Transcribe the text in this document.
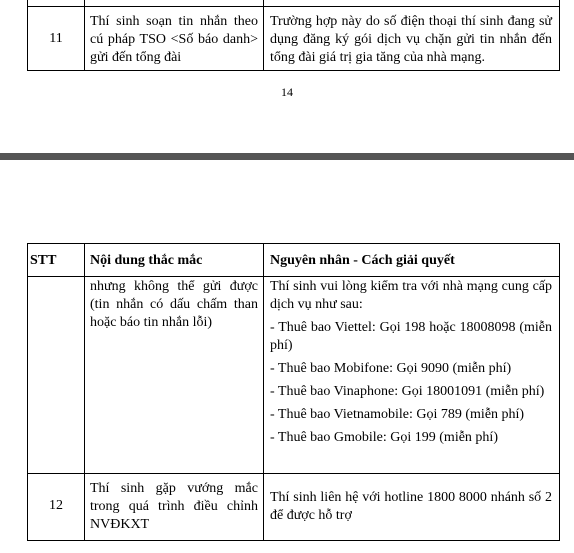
11
Thí sinh soạn tin nhắn theo cú pháp TSO <Số báo danh> gửi đến tổng đài
Trường hợp này do số điện thoại thí sinh đang sử dụng đăng ký gói dịch vụ chặn gửi tin nhắn đến tổng đài giá trị gia tăng của nhà mạng.
14
STT	Nội dung thắc mắc	Nguyên nhân - Cách giải quyết
nhưng không thể gửi được (tin nhắn có dấu chấm than hoặc báo tin nhắn lỗi)

Thí sinh vui lòng kiểm tra với nhà mạng cung cấp dịch vụ như sau:

- Thuê bao Viettel: Gọi 198 hoặc 18008098 (miễn phí)

- Thuê bao Mobifone: Gọi 9090 (miễn phí)

- Thuê bao Vinaphone: Gọi 18001091 (miễn phí)

- Thuê bao Vietnamobile: Gọi 789 (miễn phí)

- Thuê bao Gmobile: Gọi 199 (miễn phí)

12
Thí sinh gặp vướng mắc trong quá trình điều chỉnh NVĐKXT
Thí sinh liên hệ với hotline 1800 8000 nhánh số 2 để được hỗ trợ
